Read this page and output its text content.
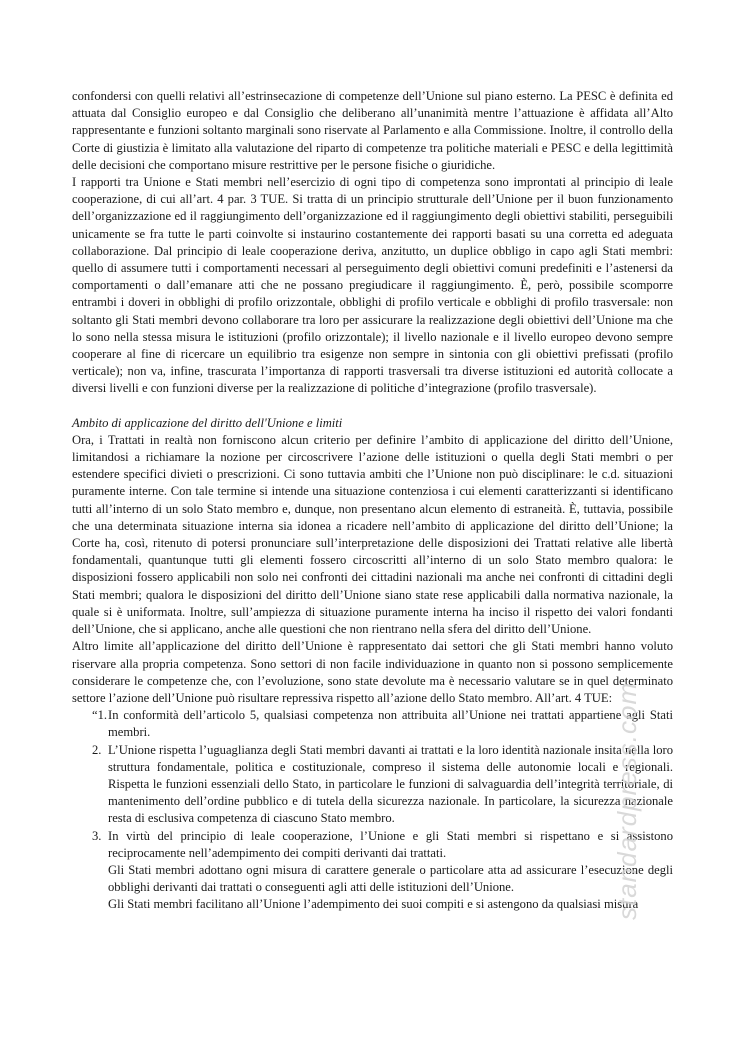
confondersi con quelli relativi all’estrinsecazione di competenze dell’Unione sul piano esterno. La PESC è definita ed attuata dal Consiglio europeo e dal Consiglio che deliberano all’unanimità mentre l’attuazione è affidata all’Alto rappresentante e funzioni soltanto marginali sono riservate al Parlamento e alla Commissione. Inoltre, il controllo della Corte di giustizia è limitato alla valutazione del riparto di competenze tra politiche materiali e PESC e della legittimità delle decisioni che comportano misure restrittive per le persone fisiche o giuridiche.

I rapporti tra Unione e Stati membri nell’esercizio di ogni tipo di competenza sono improntati al principio di leale cooperazione, di cui all’art. 4 par. 3 TUE. Si tratta di un principio strutturale dell’Unione per il buon funzionamento dell’organizzazione ed il raggiungimento dell’organizzazione ed il raggiungimento degli obiettivi stabiliti, perseguibili unicamente se fra tutte le parti coinvolte si instaurino costantemente dei rapporti basati su una corretta ed adeguata collaborazione. Dal principio di leale cooperazione deriva, anzitutto, un duplice obbligo in capo agli Stati membri: quello di assumere tutti i comportamenti necessari al perseguimento degli obiettivi comuni predefiniti e l’astenersi da comportamenti o dall’emanare atti che ne possano pregiudicare il raggiungimento. È, però, possibile scomporre entrambi i doveri in obblighi di profilo orizzontale, obblighi di profilo verticale e obblighi di profilo trasversale: non soltanto gli Stati membri devono collaborare tra loro per assicurare la realizzazione degli obiettivi dell’Unione ma che lo sono nella stessa misura le istituzioni (profilo orizzontale); il livello nazionale e il livello europeo devono sempre cooperare al fine di ricercare un equilibrio tra esigenze non sempre in sintonia con gli obiettivi prefissati (profilo verticale); non va, infine, trascurata l’importanza di rapporti trasversali tra diverse istituzioni ed autorità collocate a diversi livelli e con funzioni diverse per la realizzazione di politiche d’integrazione (profilo trasversale).

Ambito di applicazione del diritto dell'Unione e limiti

Ora, i Trattati in realtà non forniscono alcun criterio per definire l’ambito di applicazione del diritto dell’Unione, limitandosi a richiamare la nozione per circoscrivere l’azione delle istituzioni o quella degli Stati membri o per estendere specifici divieti o prescrizioni. Ci sono tuttavia ambiti che l’Unione non può disciplinare: le c.d. situazioni puramente interne. Con tale termine si intende una situazione contenziosa i cui elementi caratterizzanti si identificano tutti all’interno di un solo Stato membro e, dunque, non presentano alcun elemento di estraneità. È, tuttavia, possibile che una determinata situazione interna sia idonea a ricadere nell’ambito di applicazione del diritto dell’Unione; la Corte ha, così, ritenuto di potersi pronunciare sull’interpretazione delle disposizioni dei Trattati relative alle libertà fondamentali, quantunque tutti gli elementi fossero circoscritti all’interno di un solo Stato membro qualora: le disposizioni fossero applicabili non solo nei confronti dei cittadini nazionali ma anche nei confronti di cittadini degli Stati membri; qualora le disposizioni del diritto dell’Unione siano state rese applicabili dalla normativa nazionale, la quale si è uniformata. Inoltre, sull’ampiezza di situazione puramente interna ha inciso il rispetto dei valori fondanti dell’Unione, che si applicano, anche alle questioni che non rientrano nella sfera del diritto dell’Unione.

Altro limite all’applicazione del diritto dell’Unione è rappresentato dai settori che gli Stati membri hanno voluto riservare alla propria competenza. Sono settori di non facile individuazione in quanto non si possono semplicemente considerare le competenze che, con l’evoluzione, sono state devolute ma è necessario valutare se in quel determinato settore l’azione dell’Unione può risultare repressiva rispetto all’azione dello Stato membro. All’art. 4 TUE:

“1. In conformità dell’articolo 5, qualsiasi competenza non attribuita all’Unione nei trattati appartiene agli Stati membri.
2. L’Unione rispetta l’uguaglianza degli Stati membri davanti ai trattati e la loro identità nazionale insita nella loro struttura fondamentale, politica e costituzionale, compreso il sistema delle autonomie locali e regionali. Rispetta le funzioni essenziali dello Stato, in particolare le funzioni di salvaguardia dell’integrità territoriale, di mantenimento dell’ordine pubblico e di tutela della sicurezza nazionale. In particolare, la sicurezza nazionale resta di esclusiva competenza di ciascuno Stato membro.
3. In virtù del principio di leale cooperazione, l’Unione e gli Stati membri si rispettano e si assistono reciprocamente nell’adempimento dei compiti derivanti dai trattati.

Gli Stati membri adottano ogni misura di carattere generale o particolare atta ad assicurare l’esecuzione degli obblighi derivanti dai trattati o conseguenti agli atti delle istituzioni dell’Unione.

Gli Stati membri facilitano all’Unione l’adempimento dei suoi compiti e si astengono da qualsiasi misura

standardpress.com
